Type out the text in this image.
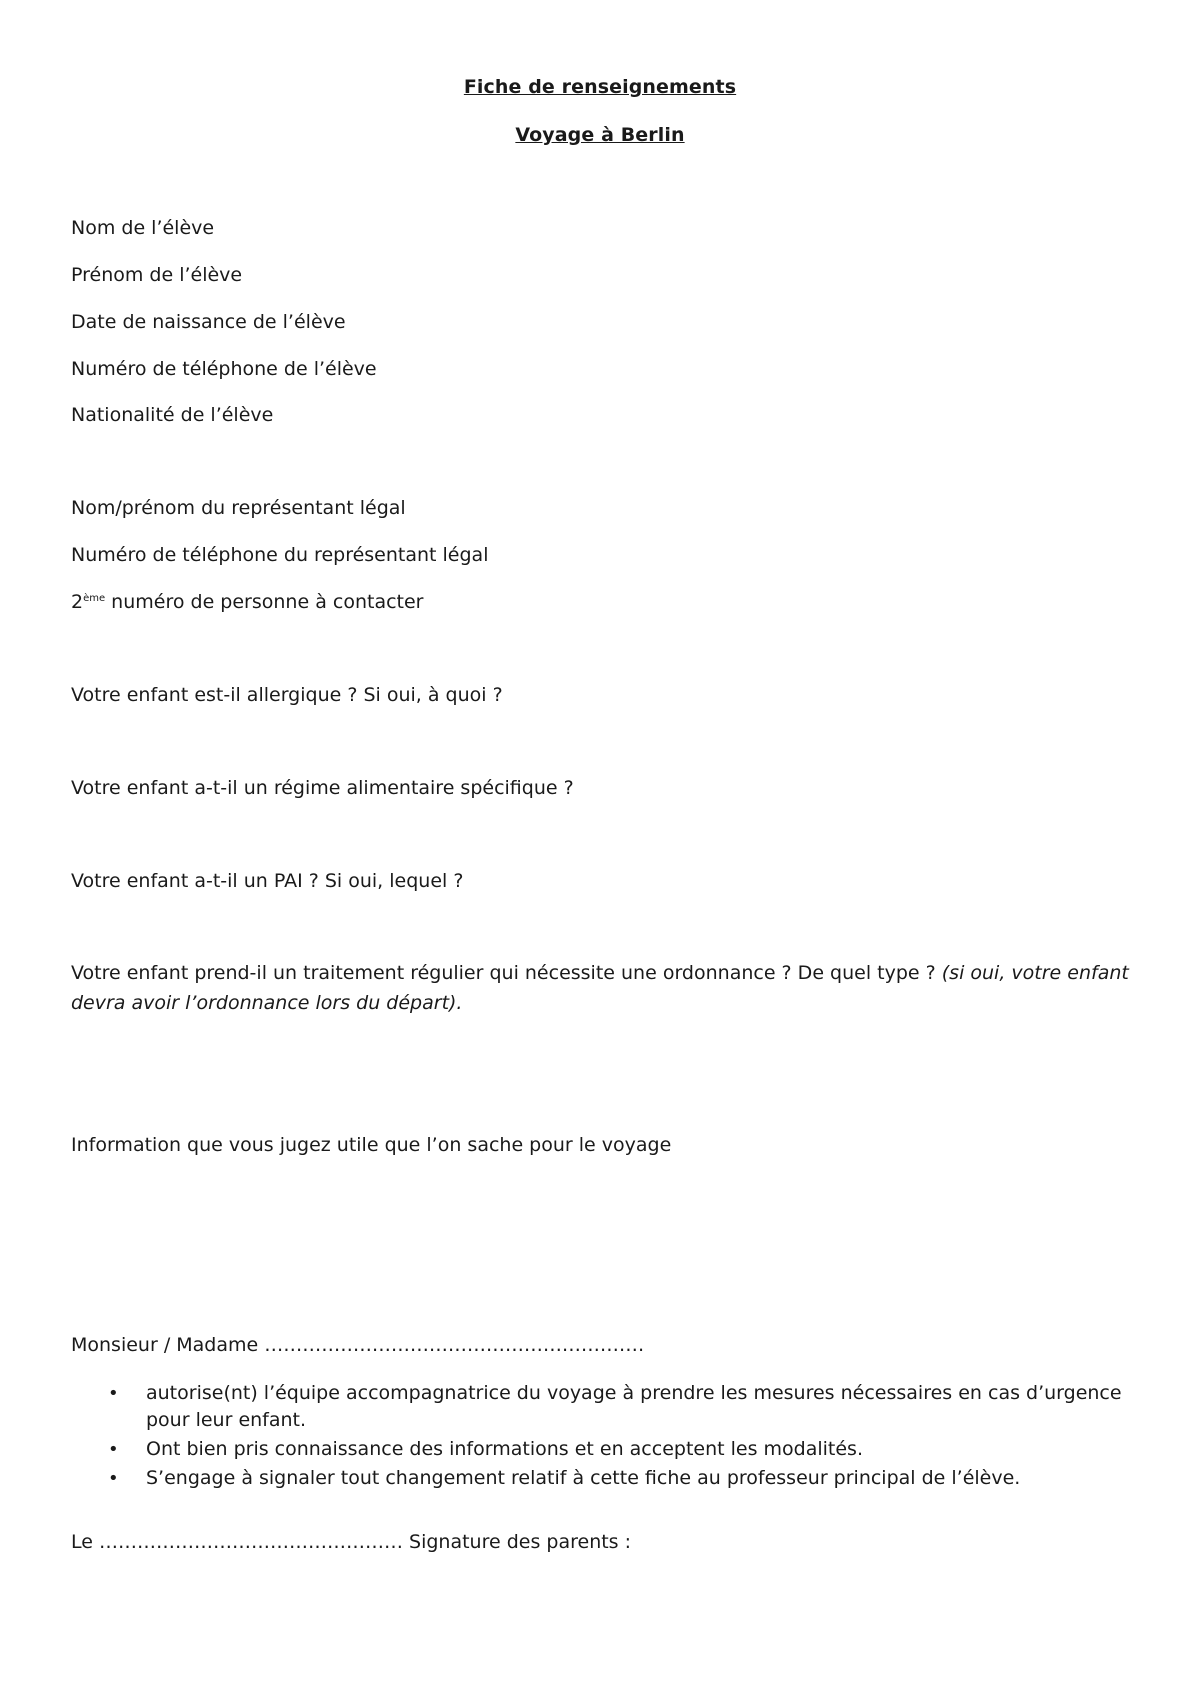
Fiche de renseignements
Voyage à Berlin
Nom de l’élève
Prénom de l’élève
Date de naissance de l’élève
Numéro de téléphone de l’élève
Nationalité de l’élève
Nom/prénom du représentant légal
Numéro de téléphone du représentant légal
2ème numéro de personne à contacter
Votre enfant est-il allergique ? Si oui, à quoi ?
Votre enfant a-t-il un régime alimentaire spécifique ?
Votre enfant a-t-il un PAI ? Si oui, lequel ?
Votre enfant prend-il un traitement régulier qui nécessite une ordonnance ? De quel type ? (si oui, votre enfant devra avoir l’ordonnance lors du départ).
Information que vous jugez utile que l’on sache pour le voyage
Monsieur / Madame ……………………………………………………
• autorise(nt) l’équipe accompagnatrice du voyage à prendre les mesures nécessaires en cas d’urgence pour leur enfant.
• Ont bien pris connaissance des informations et en acceptent les modalités.
• S’engage à signaler tout changement relatif à cette fiche au professeur principal de l’élève.
Le ………………………………………… Signature des parents :
